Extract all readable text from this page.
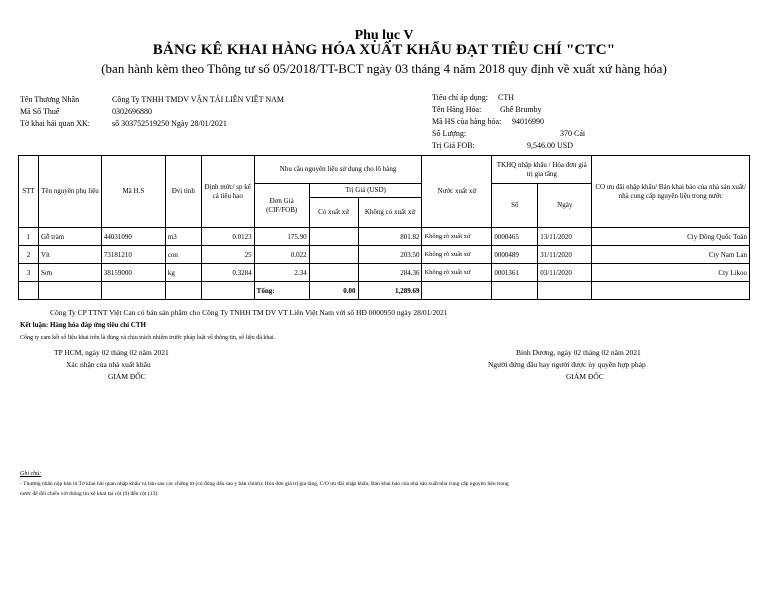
Phụ lục V
BẢNG KÊ KHAI HÀNG HÓA XUẤT KHẨU ĐẠT TIÊU CHÍ "CTC"
(ban hành kèm theo Thông tư số 05/2018/TT-BCT ngày 03 tháng 4 năm 2018 quy định về xuất xứ hàng hóa)
Tên Thương Nhân	Công Ty TNHH TMDV VẬN TẢI LIÊN VIỆT NAM
Mã Số Thuế	0302696880
Tờ khai hải quan XK:	số 303752519250 Ngày 28/01/2021
Tiêu chí áp dụng: CTH
Tên Hàng Hóa: Ghế Brumby
Mã HS của hàng hóa: 94016990
Số Lượng:	370 Cái
Trị Giá FOB:	9,546.00 USD
STT	Tên nguyên phụ liệu	Mã H.S	Đvị tính	Định mức/ sp kể cả tiêu hao	Nhu cầu nguyên liệu sử dụng cho lô hàng			Nước xuất xứ	TKHQ nhập khẩu / Hóa đơn giá trị gia tăng		CO ưu đãi nhập khẩu/ Bản khai báo của nhà sản xuất/ nhà cung cấp nguyên liệu trong nước
					Đơn Giá (CIF/FOB)	Trị Giá (USD)			Số	Ngày	
						Có xuất xứ	Không có xuất xứ				
1	Gỗ tràm	44031090	m3	0.0123	175.90		801.82	Không rõ xuất xứ	0000465	13/11/2020	Cty Đồng Quốc Toàn
2	Vít	73181210	con	25	0.022		203.50	Không rõ xuất xứ	0000489	31/11/2020	Cty Nam Lan
3	Sơn	38159000	kg	0.3284	2.34		284.36	Không rõ xuất xứ	0001361	03/11/2020	Cty Likoo
					Tổng:	0.00	1,289.69				
Công Ty CP TTNT Việt Can có bán sản phẩm cho Công Ty TNHH TM DV VT Liên Việt Nam với số HĐ 0000950 ngày 28/01/2021
Kết luận: Hàng hóa đáp ứng tiêu chí CTH
Công ty cam kết số liệu khai trên là đúng và chịu trách nhiệm trước pháp luật về thông tin, số liệu đã khai.
TP HCM, ngày 02 tháng 02 năm 2021
Xác nhận của nhà xuất khẩu
GIÁM ĐỐC
Bình Dương, ngày 02 tháng 02 năm 2021
Người đứng đầu hay người được ủy quyền hợp pháp
GIÁM ĐỐC
Ghi chú:
- Thương nhân nộp bản in Tờ khai hải quan nhập khẩu và bản sao các chứng từ (có đóng dấu sao y bản chính): Hóa đơn giá trị gia tăng, C/O ưu đãi nhập khẩu, Bản khai báo của nhà sản xuất/nhà cung cấp nguyên liệu trong
nước để đối chiếu với thông tin kê khai tại cột (9) đến cột (13).
